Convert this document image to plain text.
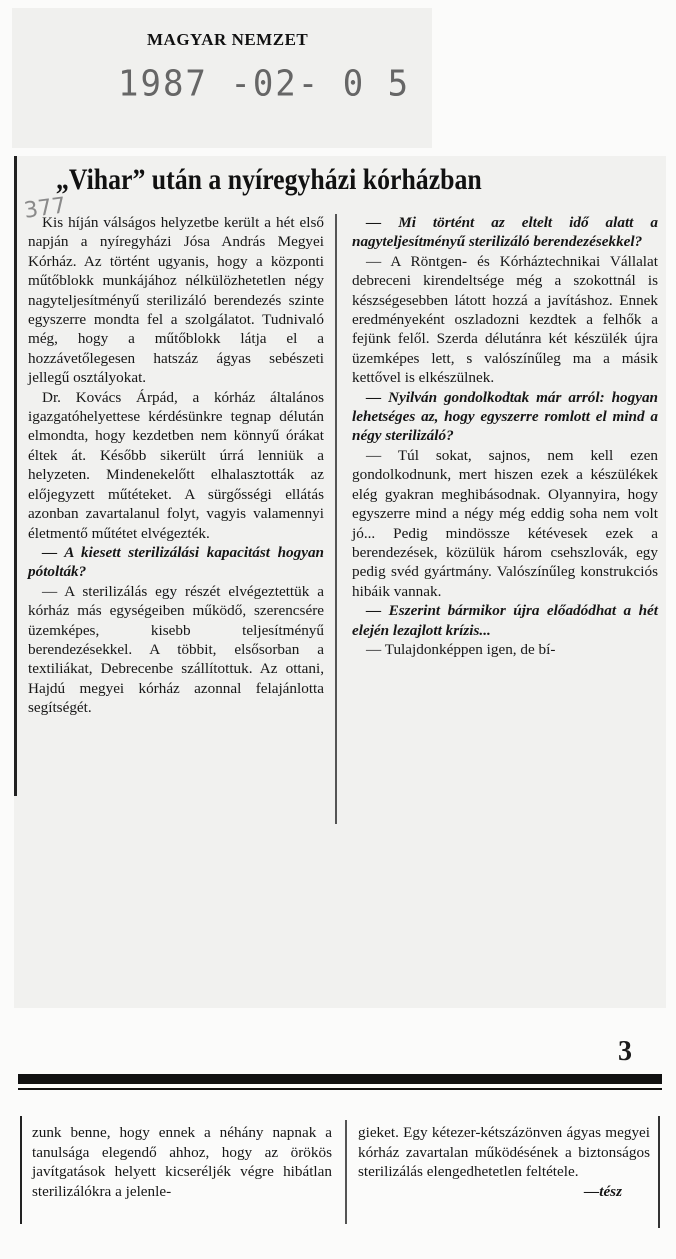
MAGYAR NEMZET
1987 -02- 0 5
377
„Vihar” után a nyíregyházi kórházban

Kis híján válságos helyzetbe került a hét első napján a nyíregyházi Jósa András Megyei Kórház. Az történt ugyanis, hogy a központi műtőblokk munkájához nélkülözhetetlen négy nagyteljesítményű sterilizáló berendezés szinte egyszerre mondta fel a szolgálatot. Tudnivaló még, hogy a műtőblokk látja el a hozzávetőlegesen hatszáz ágyas sebészeti jellegű osztályokat.

Dr. Kovács Árpád, a kórház általános igazgatóhelyettese kérdésünkre tegnap délután elmondta, hogy kezdetben nem könnyű órákat éltek át. Később sikerült úrrá lenniük a helyzeten. Mindenekelőtt elhalasztották az előjegyzett műtéteket. A sürgősségi ellátás azonban zavartalanul folyt, vagyis valamennyi életmentő műtétet elvégezték.

— A kiesett sterilizálási kapacitást hogyan pótolták?

— A sterilizálás egy részét elvégeztettük a kórház más egységeiben működő, szerencsére üzemképes, kisebb teljesítményű berendezésekkel. A többit, elsősorban a textiliákat, Debrecenbe szállítottuk. Az ottani, Hajdú megyei kórház azonnal felajánlotta segítségét.

— Mi történt az eltelt idő alatt a nagyteljesítményű sterilizáló berendezésekkel?

— A Röntgen- és Kórháztechnikai Vállalat debreceni kirendeltsége még a szokottnál is készségesebben látott hozzá a javításhoz. Ennek eredményeként oszladozni kezdtek a felhők a fejünk felől. Szerda délutánra két készülék újra üzemképes lett, s valószínűleg ma a másik kettővel is elkészülnek.

— Nyilván gondolkodtak már arról: hogyan lehetséges az, hogy egyszerre romlott el mind a négy sterilizáló?

— Túl sokat, sajnos, nem kell ezen gondolkodnunk, mert hiszen ezek a készülékek elég gyakran meghibásodnak. Olyannyira, hogy egyszerre mind a négy még eddig soha nem volt jó... Pedig mindössze kétévesek ezek a berendezések, közülük három csehszlovák, egy pedig svéd gyártmány. Valószínűleg konstrukciós hibáik vannak.

— Eszerint bármikor újra előadódhat a hét elején lezajlott krízis...

— Tulajdonképpen igen, de bí-

3

zunk benne, hogy ennek a néhány napnak a tanulsága elegendő ahhoz, hogy az örökös javítgatások helyett kicseréljék végre hibátlan sterilizálókra a jelenle-

gieket. Egy kétezer-kétszázönven ágyas megyei kórház zavartalan működésének a biztonságos sterilizálás elengedhetetlen feltétele.

—tész
